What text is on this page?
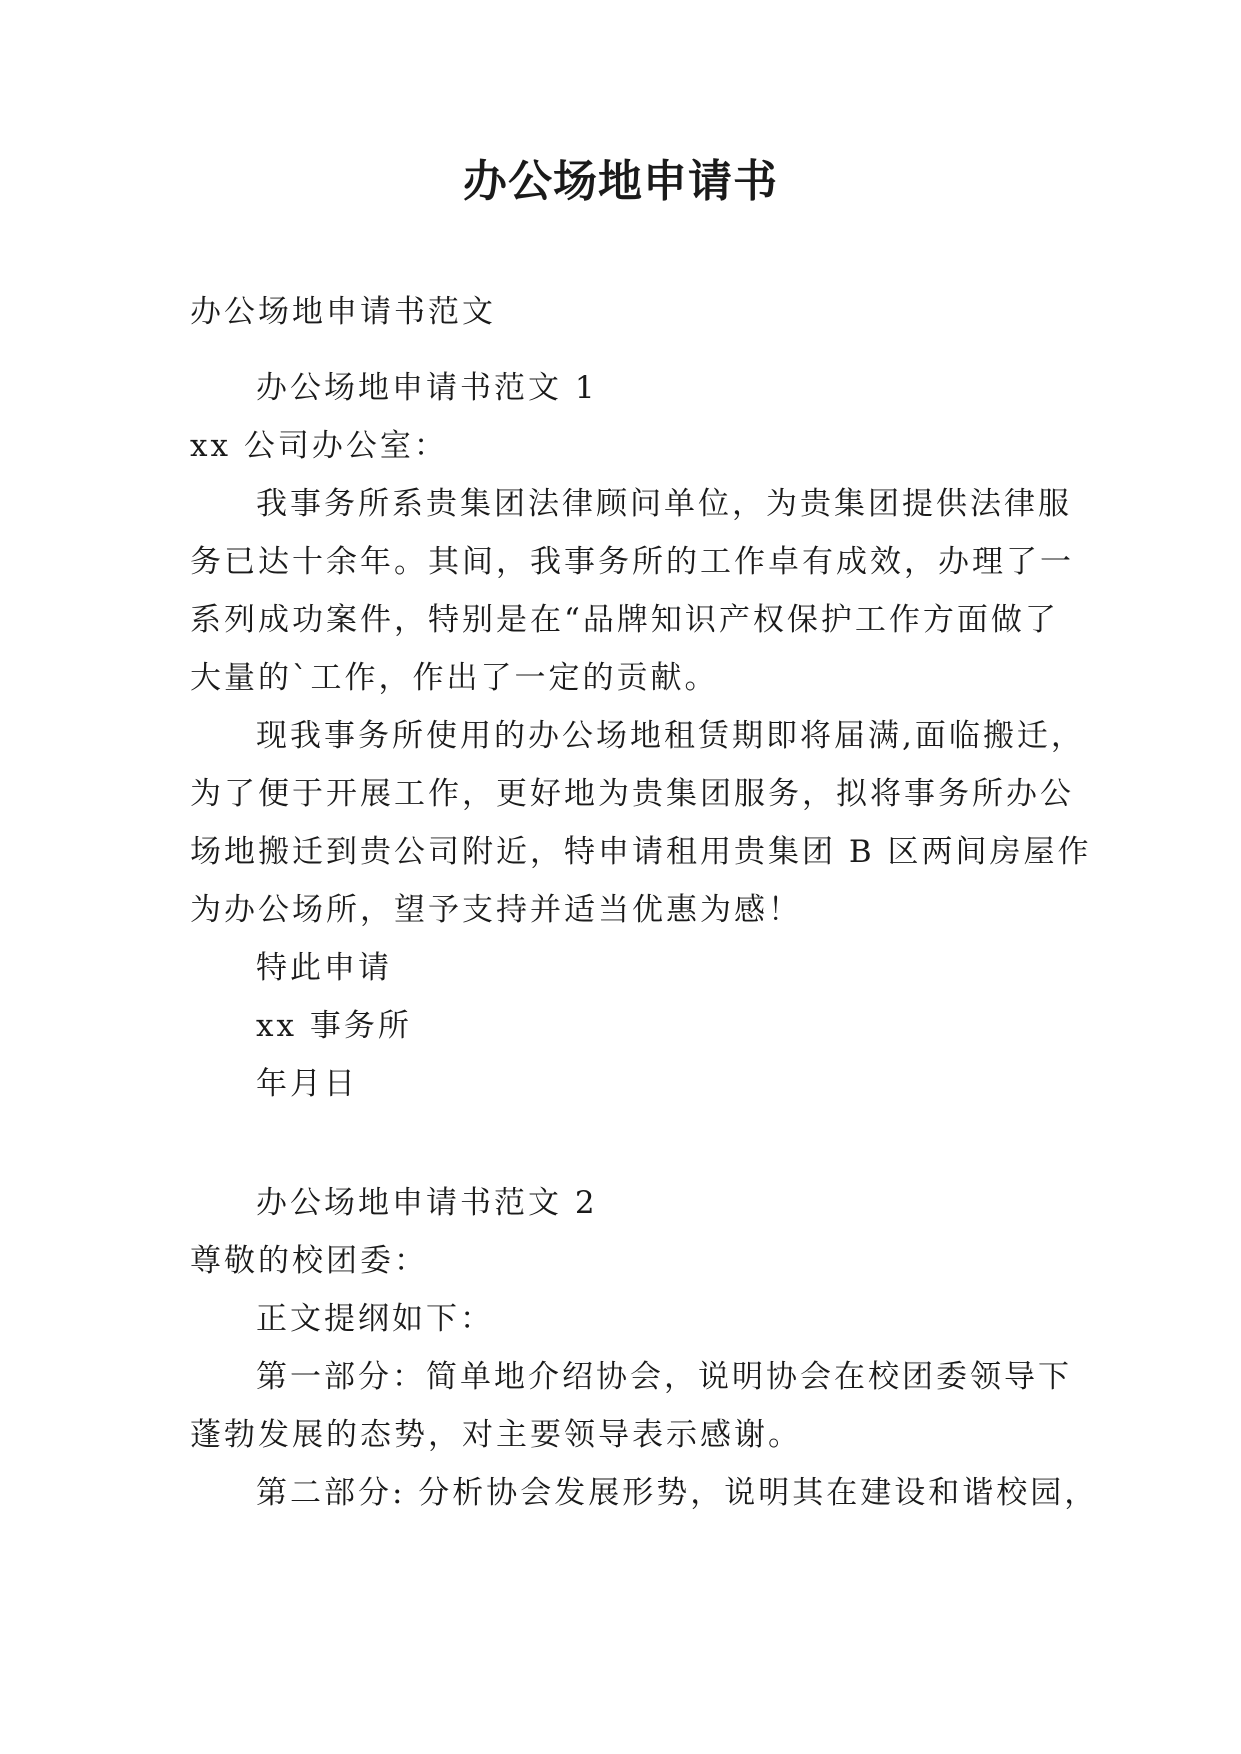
办公场地申请书
办公场地申请书范文
办公场地申请书范文 1
xx 公司办公室：
我事务所系贵集团法律顾问单位，为贵集团提供法律服
务已达十余年。其间，我事务所的工作卓有成效，办理了一
系列成功案件，特别是在“品牌知识产权保护工作方面做了
大量的`工作，作出了一定的贡献。
现我事务所使用的办公场地租赁期即将届满,面临搬迁，
为了便于开展工作，更好地为贵集团服务，拟将事务所办公
场地搬迁到贵公司附近，特申请租用贵集团 B 区两间房屋作
为办公场所，望予支持并适当优惠为感！
特此申请
xx 事务所
年月日
办公场地申请书范文 2
尊敬的校团委：
正文提纲如下：
第一部分：简单地介绍协会，说明协会在校团委领导下
蓬勃发展的态势，对主要领导表示感谢。
第二部分: 分析协会发展形势，说明其在建设和谐校园，
